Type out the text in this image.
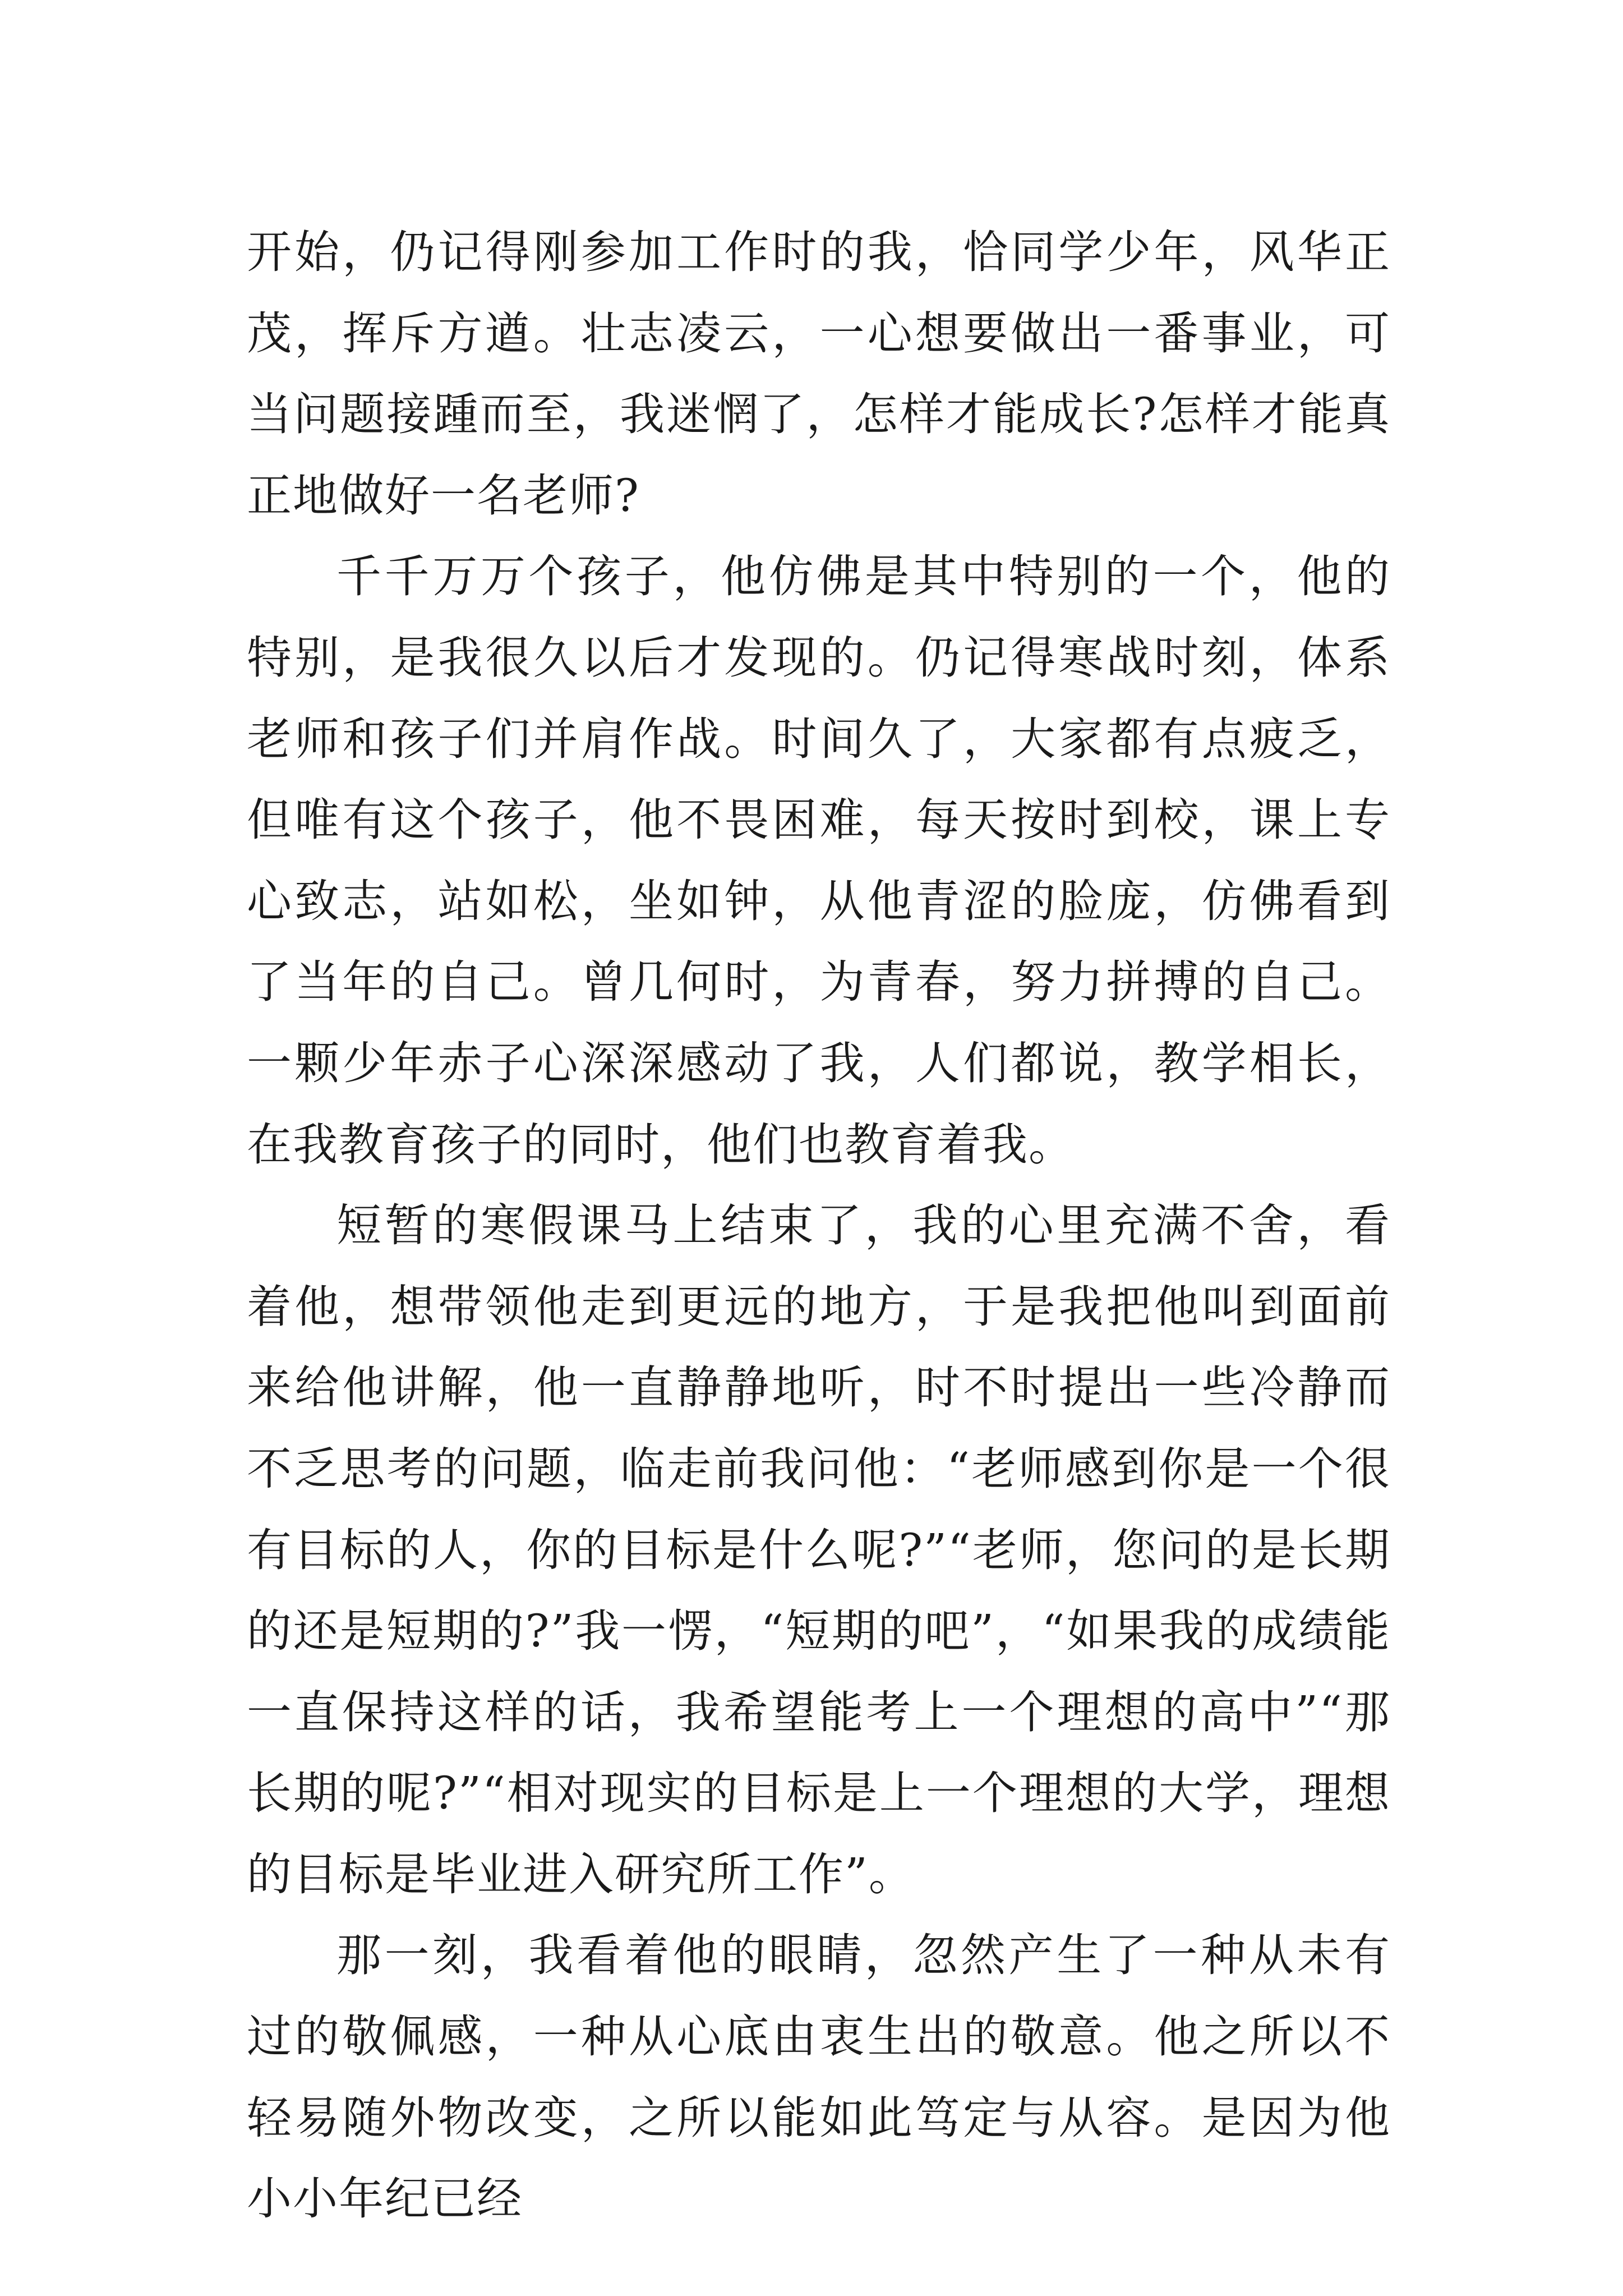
开始，仍记得刚参加工作时的我，恰同学少年，风华正茂，挥斥方遒。壮志凌云，一心想要做出一番事业，可当问题接踵而至，我迷惘了，怎样才能成长?怎样才能真正地做好一名老师?

千千万万个孩子，他仿佛是其中特别的一个，他的特别，是我很久以后才发现的。仍记得寒战时刻，体系老师和孩子们并肩作战。时间久了，大家都有点疲乏，但唯有这个孩子，他不畏困难，每天按时到校，课上专心致志，站如松，坐如钟，从他青涩的脸庞，仿佛看到了当年的自己。曾几何时，为青春，努力拼搏的自己。一颗少年赤子心深深感动了我，人们都说，教学相长，在我教育孩子的同时，他们也教育着我。

短暂的寒假课马上结束了，我的心里充满不舍，看着他，想带领他走到更远的地方，于是我把他叫到面前来给他讲解，他一直静静地听，时不时提出一些冷静而不乏思考的问题，临走前我问他：“老师感到你是一个很有目标的人，你的目标是什么呢?”“老师，您问的是长期的还是短期的?”我一愣，“短期的吧”，“如果我的成绩能一直保持这样的话，我希望能考上一个理想的高中”“那长期的呢?”“相对现实的目标是上一个理想的大学，理想的目标是毕业进入研究所工作”。

那一刻，我看着他的眼睛，忽然产生了一种从未有过的敬佩感，一种从心底由衷生出的敬意。他之所以不轻易随外物改变，之所以能如此笃定与从容。是因为他小小年纪已经
